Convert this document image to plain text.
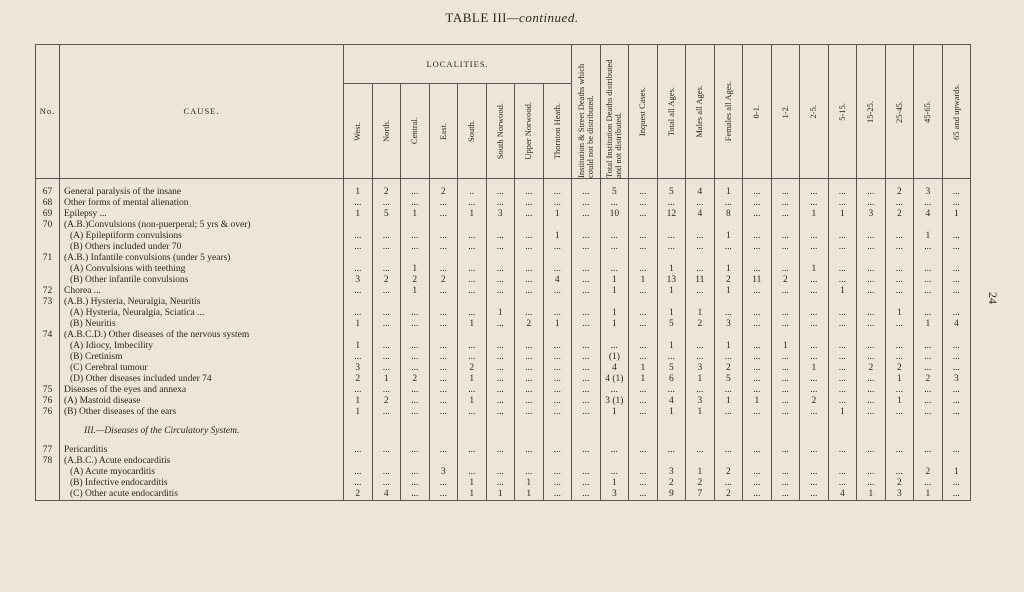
TABLE III—continued.
24
No.	CAUSE.	LOCALITIES.								Institution & Street Deaths which could not be distributed.	Total Institution Deaths distributed and not distributed.	Inquest Cases.	Total all Ages.	Males all Ages.	Females all Ages.	0-1.	1-2.	2-5.	5-15.	15-25.	25-45.	45-65.	65 and upwards.

		West.	North.	Central.	East.	South.	South Norwood.	Upper Norwood.	Thornton Heath.														

67	General paralysis of the insane	1	2	...	2	..	...	...	...	...	5	...	5	4	1	...	...	...	...	...	2	3	...
68	Other forms of mental alienation	...	...	...	...	...	...	...	...	...	...	...	...	...	...	...	...	...	...	...	...	...	...
69	Epilepsy ...	1	5	1	...	1	3	...	1	...	10	...	12	4	8	...	...	1	1	3	2	4	1
70	(A.B.)Convulsions (non-puerperal; 5 yrs & over)																						
	(A) Epileptiform convulsions	...	...	...	...	...	...	...	1	...	...	...	...	...	1	...	...	...	...	...	...	1	...
	(B) Others included under 70	...	...	...	...	...	...	...	...	...	...	...	...	...	...	...	...	...	...	...	...	...	...
71	(A.B.) Infantile convulsions (under 5 years)																						
	(A) Convulsions with teething	...	...	1	...	...	...	...	...	...	...	...	1	...	1	...	...	1	...	...	...	...	...
	(B) Other infantile convulsions	3	2	2	2	...	...	...	4	...	1	1	13	11	2	11	2	...	...	...	...	...	...
72	Chorea ...	...	...	1	...	...	...	...	...	...	1	...	1	...	1	...	...	...	1	...	...	...	...
73	(A.B.) Hysteria, Neuralgia, Neuritis																						
	(A) Hysteria, Neuralgia, Sciatica ...	...	...	...	...	...	1	...	...	...	1	...	1	1	...	...	...	...	...	...	1	...	...
	(B) Neuritis	1	...	...	...	1	...	2	1	...	1	...	5	2	3	...	...	...	...	...	...	1	4
74	(A.B.C.D.) Other diseases of the nervous system																						
	(A) Idiocy, Imbecility	1	...	...	...	...	...	...	...	...	...	...	1	...	1	...	1	...	...	...	...	...	...
	(B) Cretinism	...	...	...	...	...	...	...	...	...	(1)	...	...	...	...	...	...	...	...	...	...	...	...
	(C) Cerebral tumour	3	...	...	...	2	...	...	...	...	4	1	5	3	2	...	...	1	...	2	2	...	...
	(D) Other diseases included under 74	2	1	2	...	1	...	...	...	...	4 (1)	1	6	1	5	...	...	...	...	...	1	2	3
75	Diseases of the eyes and annexa	...	...	...	...	...	...	...	...	...	...	...	...	...	...	...	...	...	...	...	...	...	...
76	(A) Mastoid disease	1	2	...	...	1	...	...	...	...	3 (1)	...	4	3	1	1	...	2	...	...	1	...	...
76	(B) Other diseases of the ears	1	...	...	...	...	...	...	...	...	1	...	1	1	...	...	...	...	1	...	...	...	...

	III.—Diseases of the Circulatory System.																						

77	Pericarditis	...	...	...	...	...	...	...	...	...	...	...	...	...	...	...	...	...	...	...	...	...	...
78	(A.B.C.) Acute endocarditis																						
	(A) Acute myocarditis	...	...	...	3	...	...	...	...	...	...	...	3	1	2	...	...	...	...	...	...	2	1
	(B) Infective endocarditis	...	...	...	...	1	...	1	...	...	1	...	2	2	...	...	...	...	...	...	2	...	...
	(C) Other acute endocarditis	2	4	...	...	1	1	1	...	...	3	...	9	7	2	...	...	...	4	1	3	1	...
